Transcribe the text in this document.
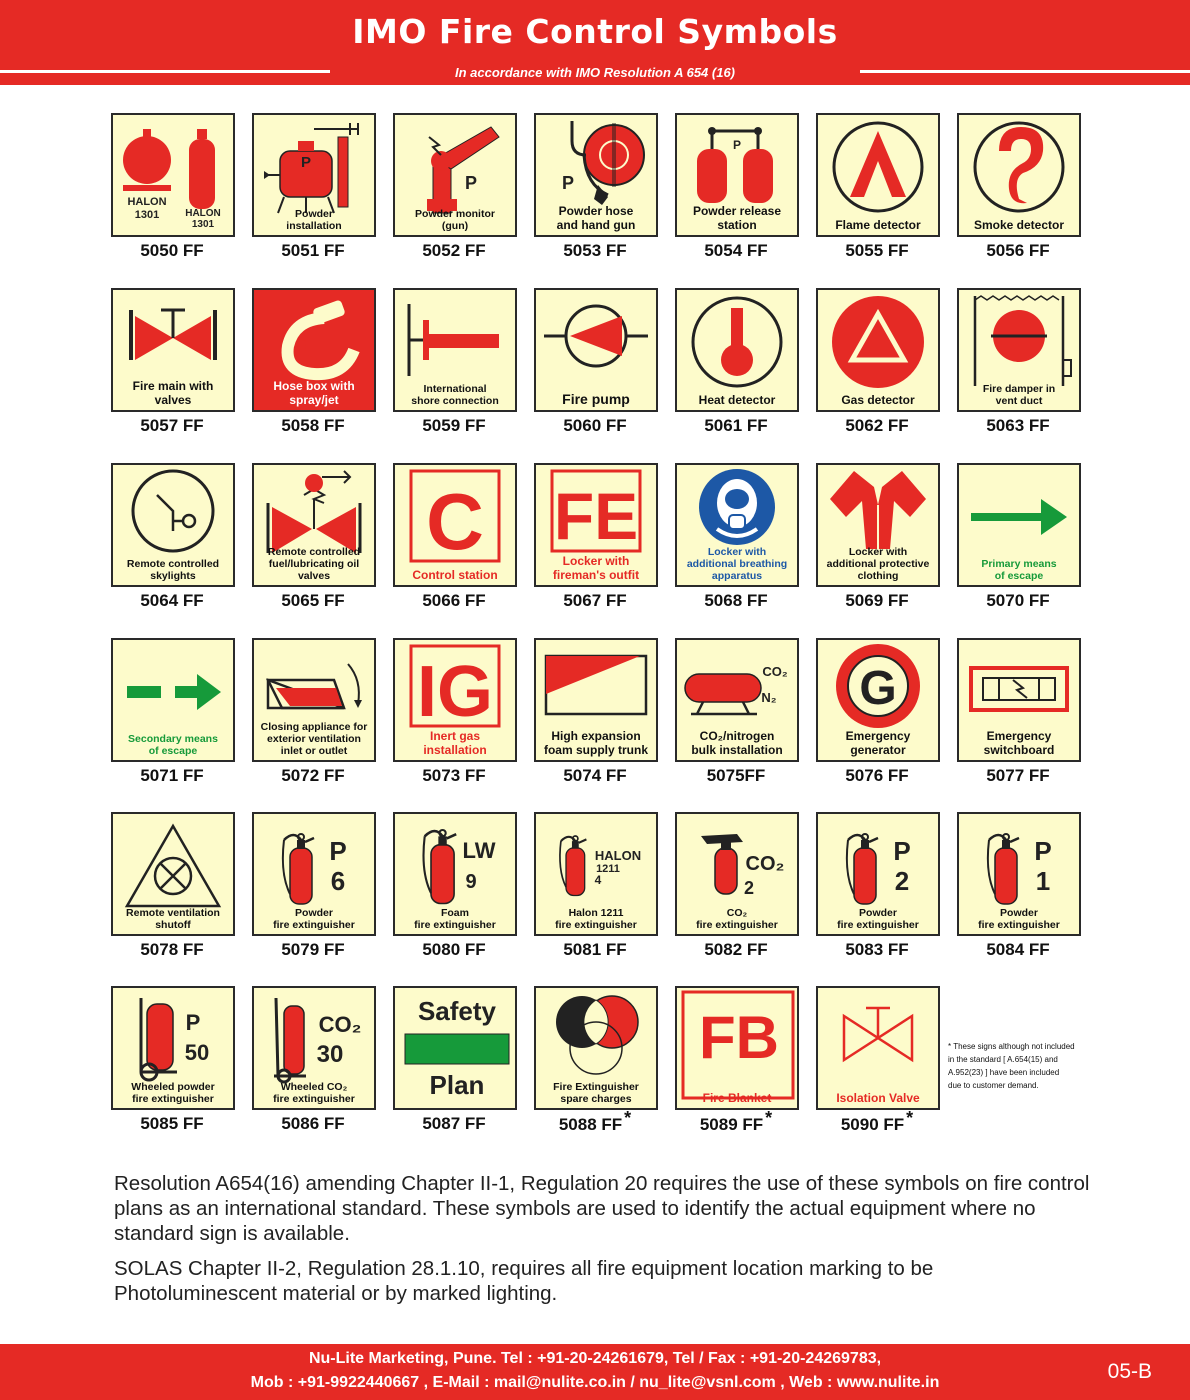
IMO Fire Control Symbols
In accordance with IMO Resolution A 654 (16)
HALON
1301	HALON
1301
5050 FF
P
Powder
installation
5051 FF
P
Powder monitor
(gun)
5052 FF
P
Powder hose
and hand gun
5053 FF
P
Powder release
station
5054 FF
Flame detector
5055 FF
Smoke detector
5056 FF
Fire main with
valves
5057 FF
Hose box with
spray/jet
5058 FF
International
shore connection
5059 FF
Fire pump
5060 FF
Heat detector
5061 FF
Gas detector
5062 FF
Fire damper in
vent duct
5063 FF
Remote controlled
skylights
5064 FF
Remote controlled
fuel/lubricating oil valves
5065 FF
C
Control station
5066 FF
FE
Locker with
fireman's outfit
5067 FF
Locker with
additional breathing
apparatus
5068 FF
Locker with
additional protective
clothing
5069 FF
Primary means
of escape
5070 FF
Secondary means
of escape
5071 FF
Closing appliance for
exterior ventilation
inlet or outlet
5072 FF
IG
Inert gas
installation
5073 FF
High expansion
foam supply trunk
5074 FF
CO₂
N₂
CO₂/nitrogen
bulk installation
5075FF
G
Emergency
generator
5076 FF
Emergency
switchboard
5077 FF
Remote ventilation
shutoff
5078 FF
P
6
Powder
fire extinguisher
5079 FF
LW
9
Foam
fire extinguisher
5080 FF
HALON
1211
4
Halon 1211
fire extinguisher
5081 FF
CO₂
2
CO₂
fire extinguisher
5082 FF
P
2
Powder
fire extinguisher
5083 FF
P
1
Powder
fire extinguisher
5084 FF
P
50
Wheeled powder
fire extinguisher
5085 FF
CO₂
30
Wheeled CO₂
fire extinguisher
5086 FF
Safety
Plan
5087 FF
Fire Extinguisher
spare charges
5088 FF *
FB
Fire Blanket
5089 FF *
Isolation Valve
5090 FF *
* These signs although not included
in the standard [ A.654(15) and
A.952(23) ] have been included
due to customer demand.
Resolution A654(16) amending Chapter II-1, Regulation 20 requires the use of these symbols on fire control plans as an international standard. These symbols are used to identify the actual equipment where no standard sign is available.
SOLAS Chapter II-2, Regulation 28.1.10, requires all fire equipment location marking to be Photoluminescent material or by marked lighting.
Nu-Lite Marketing, Pune. Tel : +91-20-24261679, Tel / Fax : +91-20-24269783,
Mob : +91-9922440667 , E-Mail : mail@nulite.co.in / nu_lite@vsnl.com , Web : www.nulite.in	05-B
